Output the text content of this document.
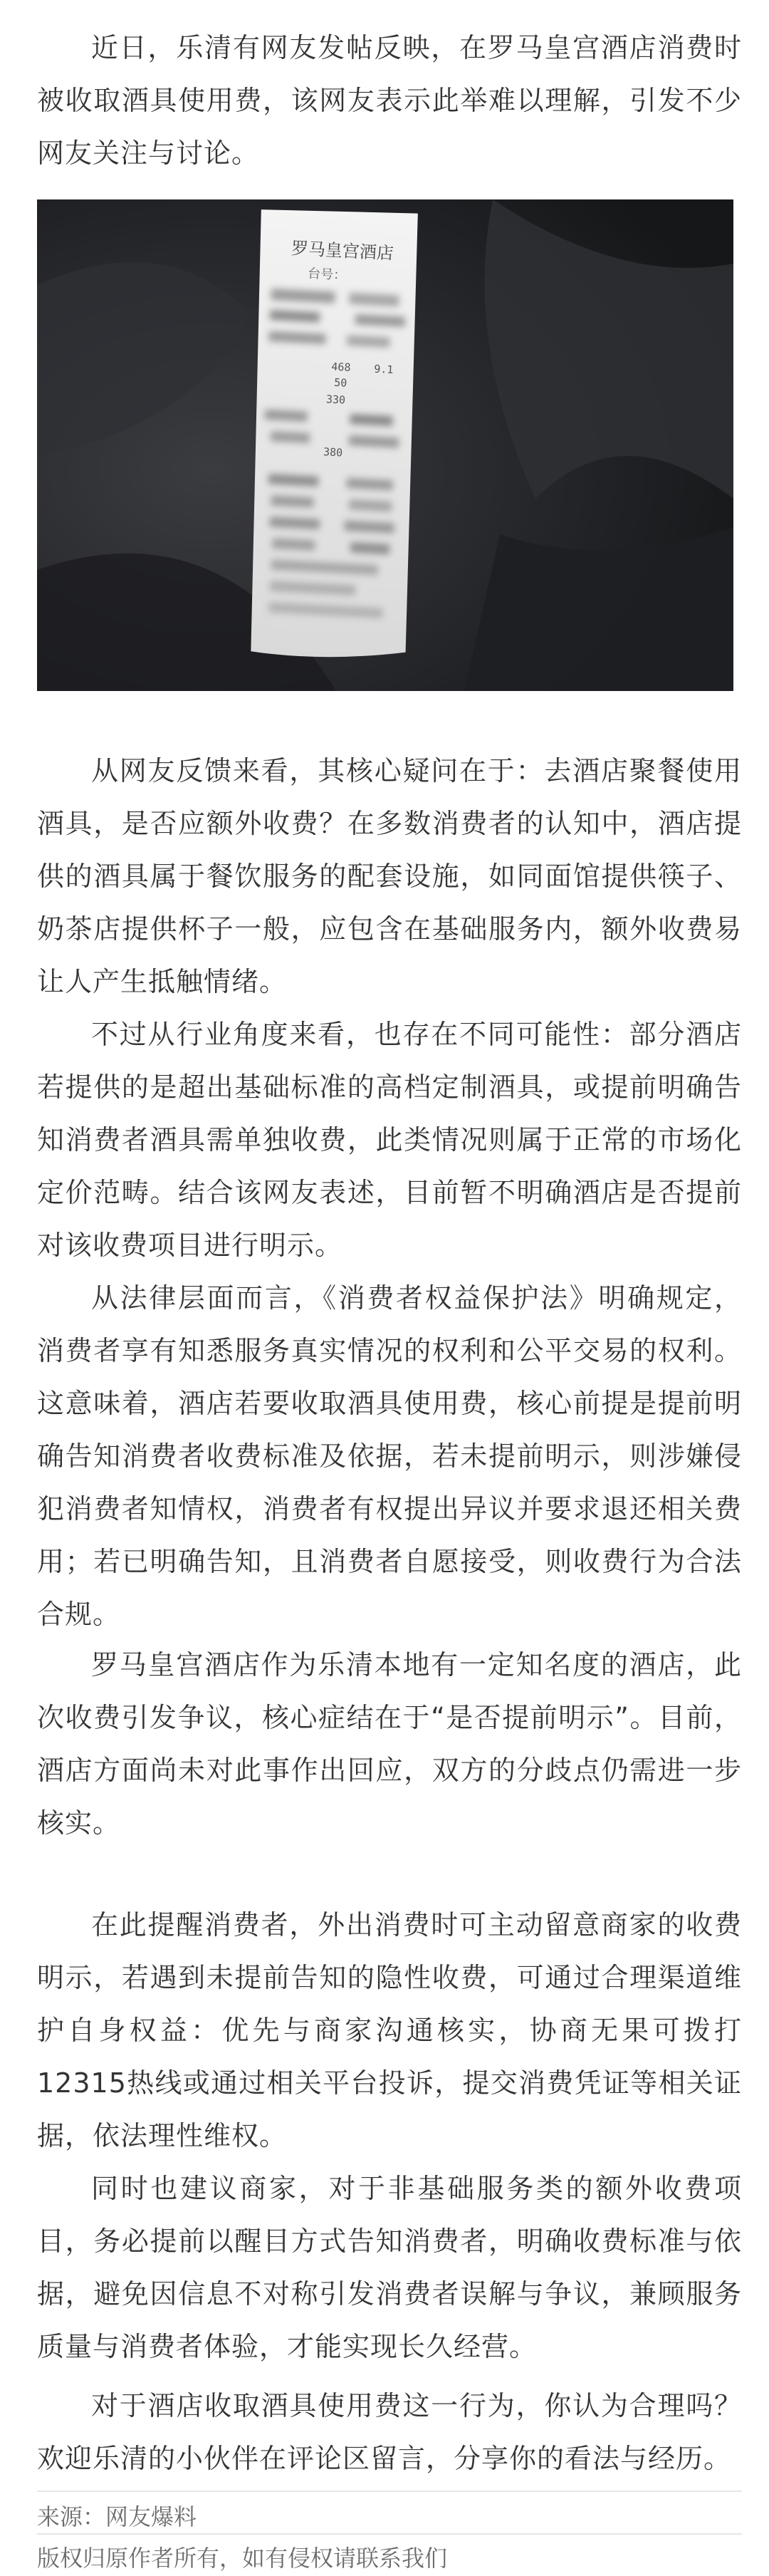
近日，乐清有网友发帖反映，在罗马皇宫酒店消费时被收取酒具使用费，该网友表示此举难以理解，引发不少网友关注与讨论。

罗马皇宫酒店
台号：
468
50
330
380
9.1

从网友反馈来看，其核心疑问在于：去酒店聚餐使用酒具，是否应额外收费？在多数消费者的认知中，酒店提供的酒具属于餐饮服务的配套设施，如同面馆提供筷子、奶茶店提供杯子一般，应包含在基础服务内，额外收费易让人产生抵触情绪。

不过从行业角度来看，也存在不同可能性：部分酒店若提供的是超出基础标准的高档定制酒具，或提前明确告知消费者酒具需单独收费，此类情况则属于正常的市场化定价范畴。结合该网友表述，目前暂不明确酒店是否提前对该收费项目进行明示。

从法律层面而言，《消费者权益保护法》明确规定，消费者享有知悉服务真实情况的权利和公平交易的权利。这意味着，酒店若要收取酒具使用费，核心前提是提前明确告知消费者收费标准及依据，若未提前明示，则涉嫌侵犯消费者知情权，消费者有权提出异议并要求退还相关费用；若已明确告知，且消费者自愿接受，则收费行为合法合规。

罗马皇宫酒店作为乐清本地有一定知名度的酒店，此次收费引发争议，核心症结在于“是否提前明示”。目前，酒店方面尚未对此事作出回应，双方的分歧点仍需进一步核实。

在此提醒消费者，外出消费时可主动留意商家的收费明示，若遇到未提前告知的隐性收费，可通过合理渠道维护自身权益：优先与商家沟通核实，协商无果可拨打12315热线或通过相关平台投诉，提交消费凭证等相关证据，依法理性维权。

同时也建议商家，对于非基础服务类的额外收费项目，务必提前以醒目方式告知消费者，明确收费标准与依据，避免因信息不对称引发消费者误解与争议，兼顾服务质量与消费者体验，才能实现长久经营。

对于酒店收取酒具使用费这一行为，你认为合理吗？欢迎乐清的小伙伴在评论区留言，分享你的看法与经历。

来源：网友爆料

版权归原作者所有，如有侵权请联系我们
